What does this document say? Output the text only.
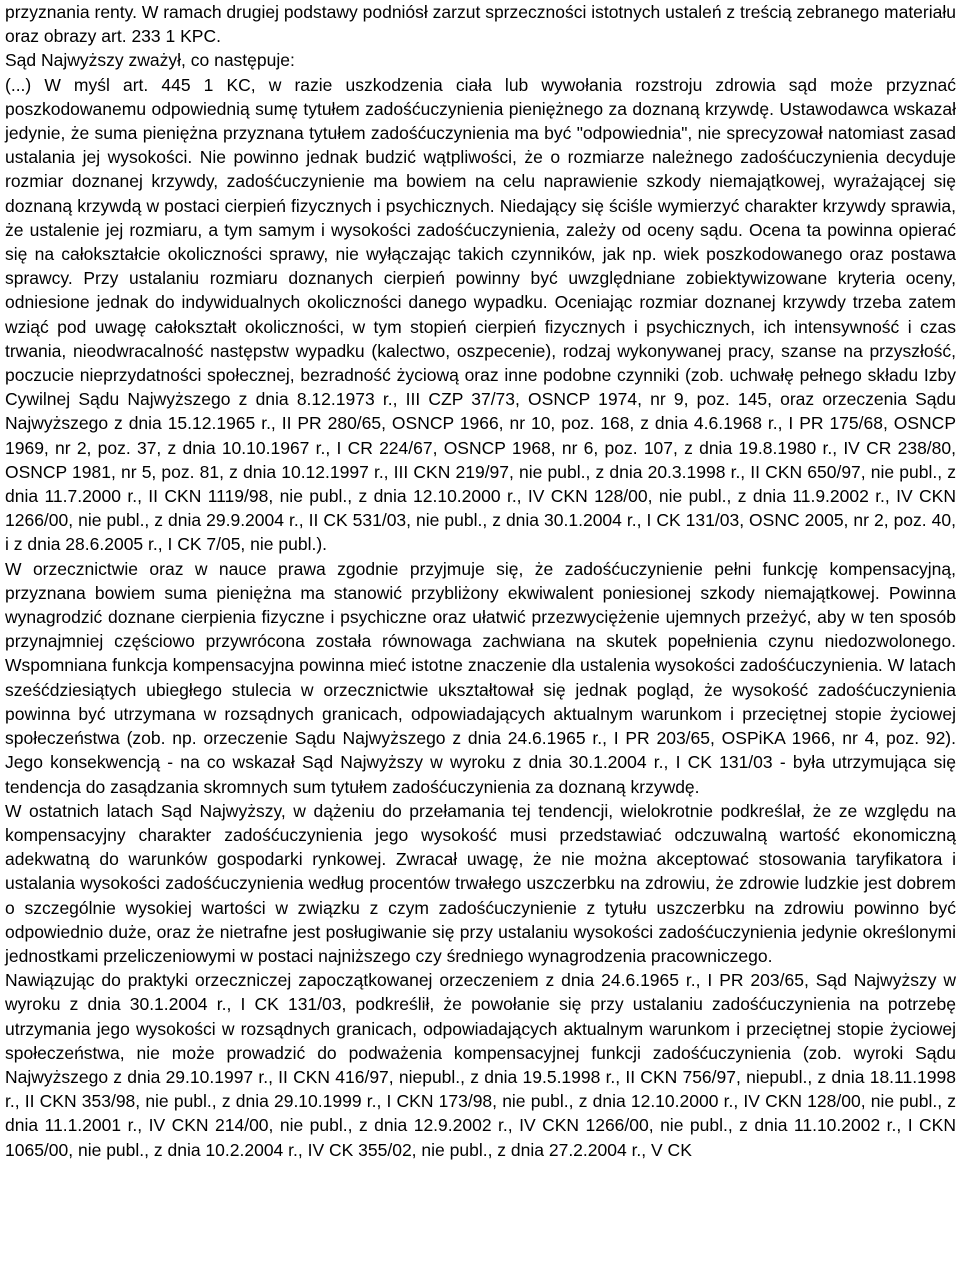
przyznania renty. W ramach drugiej podstawy podniósł zarzut sprzeczności istotnych ustaleń z treścią zebranego materiału oraz obrazy art. 233 1 KPC.

Sąd Najwyższy zważył, co następuje:

(...) W myśl art. 445 1 KC, w razie uszkodzenia ciała lub wywołania rozstroju zdrowia sąd może przyznać poszkodowanemu odpowiednią sumę tytułem zadośćuczynienia pieniężnego za doznaną krzywdę. Ustawodawca wskazał jedynie, że suma pieniężna przyznana tytułem zadośćuczynienia ma być "odpowiednia", nie sprecyzował natomiast zasad ustalania jej wysokości. Nie powinno jednak budzić wątpliwości, że o rozmiarze należnego zadośćuczynienia decyduje rozmiar doznanej krzywdy, zadośćuczynienie ma bowiem na celu naprawienie szkody niemajątkowej, wyrażającej się doznaną krzywdą w postaci cierpień fizycznych i psychicznych. Niedający się ściśle wymierzyć charakter krzywdy sprawia, że ustalenie jej rozmiaru, a tym samym i wysokości zadośćuczynienia, zależy od oceny sądu. Ocena ta powinna opierać się na całokształcie okoliczności sprawy, nie wyłączając takich czynników, jak np. wiek poszkodowanego oraz postawa sprawcy. Przy ustalaniu rozmiaru doznanych cierpień powinny być uwzględniane zobiektywizowane kryteria oceny, odniesione jednak do indywidualnych okoliczności danego wypadku. Oceniając rozmiar doznanej krzywdy trzeba zatem wziąć pod uwagę całokształt okoliczności, w tym stopień cierpień fizycznych i psychicznych, ich intensywność i czas trwania, nieodwracalność następstw wypadku (kalectwo, oszpecenie), rodzaj wykonywanej pracy, szanse na przyszłość, poczucie nieprzydatności społecznej, bezradność życiową oraz inne podobne czynniki (zob. uchwałę pełnego składu Izby Cywilnej Sądu Najwyższego z dnia 8.12.1973 r., III CZP 37/73, OSNCP 1974, nr 9, poz. 145, oraz orzeczenia Sądu Najwyższego z dnia 15.12.1965 r., II PR 280/65, OSNCP 1966, nr 10, poz. 168, z dnia 4.6.1968 r., I PR 175/68, OSNCP 1969, nr 2, poz. 37, z dnia 10.10.1967 r., I CR 224/67, OSNCP 1968, nr 6, poz. 107, z dnia 19.8.1980 r., IV CR 238/80, OSNCP 1981, nr 5, poz. 81, z dnia 10.12.1997 r., III CKN 219/97, nie publ., z dnia 20.3.1998 r., II CKN 650/97, nie publ., z dnia 11.7.2000 r., II CKN 1119/98, nie publ., z dnia 12.10.2000 r., IV CKN 128/00, nie publ., z dnia 11.9.2002 r., IV CKN 1266/00, nie publ., z dnia 29.9.2004 r., II CK 531/03, nie publ., z dnia 30.1.2004 r., I CK 131/03, OSNC 2005, nr 2, poz. 40, i z dnia 28.6.2005 r., I CK 7/05, nie publ.).

W orzecznictwie oraz w nauce prawa zgodnie przyjmuje się, że zadośćuczynienie pełni funkcję kompensacyjną, przyznana bowiem suma pieniężna ma stanowić przybliżony ekwiwalent poniesionej szkody niemajątkowej. Powinna wynagrodzić doznane cierpienia fizyczne i psychiczne oraz ułatwić przezwyciężenie ujemnych przeżyć, aby w ten sposób przynajmniej częściowo przywrócona została równowaga zachwiana na skutek popełnienia czynu niedozwolonego. Wspomniana funkcja kompensacyjna powinna mieć istotne znaczenie dla ustalenia wysokości zadośćuczynienia. W latach sześćdziesiątych ubiegłego stulecia w orzecznictwie ukształtował się jednak pogląd, że wysokość zadośćuczynienia powinna być utrzymana w rozsądnych granicach, odpowiadających aktualnym warunkom i przeciętnej stopie życiowej społeczeństwa (zob. np. orzeczenie Sądu Najwyższego z dnia 24.6.1965 r., I PR 203/65, OSPiKA 1966, nr 4, poz. 92). Jego konsekwencją - na co wskazał Sąd Najwyższy w wyroku z dnia 30.1.2004 r., I CK 131/03 - była utrzymująca się tendencja do zasądzania skromnych sum tytułem zadośćuczynienia za doznaną krzywdę.

W ostatnich latach Sąd Najwyższy, w dążeniu do przełamania tej tendencji, wielokrotnie podkreślał, że ze względu na kompensacyjny charakter zadośćuczynienia jego wysokość musi przedstawiać odczuwalną wartość ekonomiczną adekwatną do warunków gospodarki rynkowej. Zwracał uwagę, że nie można akceptować stosowania taryfikatora i ustalania wysokości zadośćuczynienia według procentów trwałego uszczerbku na zdrowiu, że zdrowie ludzkie jest dobrem o szczególnie wysokiej wartości w związku z czym zadośćuczynienie z tytułu uszczerbku na zdrowiu powinno być odpowiednio duże, oraz że nietrafne jest posługiwanie się przy ustalaniu wysokości zadośćuczynienia jedynie określonymi jednostkami przeliczeniowymi w postaci najniższego czy średniego wynagrodzenia pracowniczego.

Nawiązując do praktyki orzeczniczej zapoczątkowanej orzeczeniem z dnia 24.6.1965 r., I PR 203/65, Sąd Najwyższy w wyroku z dnia 30.1.2004 r., I CK 131/03, podkreślił, że powołanie się przy ustalaniu zadośćuczynienia na potrzebę utrzymania jego wysokości w rozsądnych granicach, odpowiadających aktualnym warunkom i przeciętnej stopie życiowej społeczeństwa, nie może prowadzić do podważenia kompensacyjnej funkcji zadośćuczynienia (zob. wyroki Sądu Najwyższego z dnia 29.10.1997 r., II CKN 416/97, niepubl., z dnia 19.5.1998 r., II CKN 756/97, niepubl., z dnia 18.11.1998 r., II CKN 353/98, nie publ., z dnia 29.10.1999 r., I CKN 173/98, nie publ., z dnia 12.10.2000 r., IV CKN 128/00, nie publ., z dnia 11.1.2001 r., IV CKN 214/00, nie publ., z dnia 12.9.2002 r., IV CKN 1266/00, nie publ., z dnia 11.10.2002 r., I CKN 1065/00, nie publ., z dnia 10.2.2004 r., IV CK 355/02, nie publ., z dnia 27.2.2004 r., V CK
